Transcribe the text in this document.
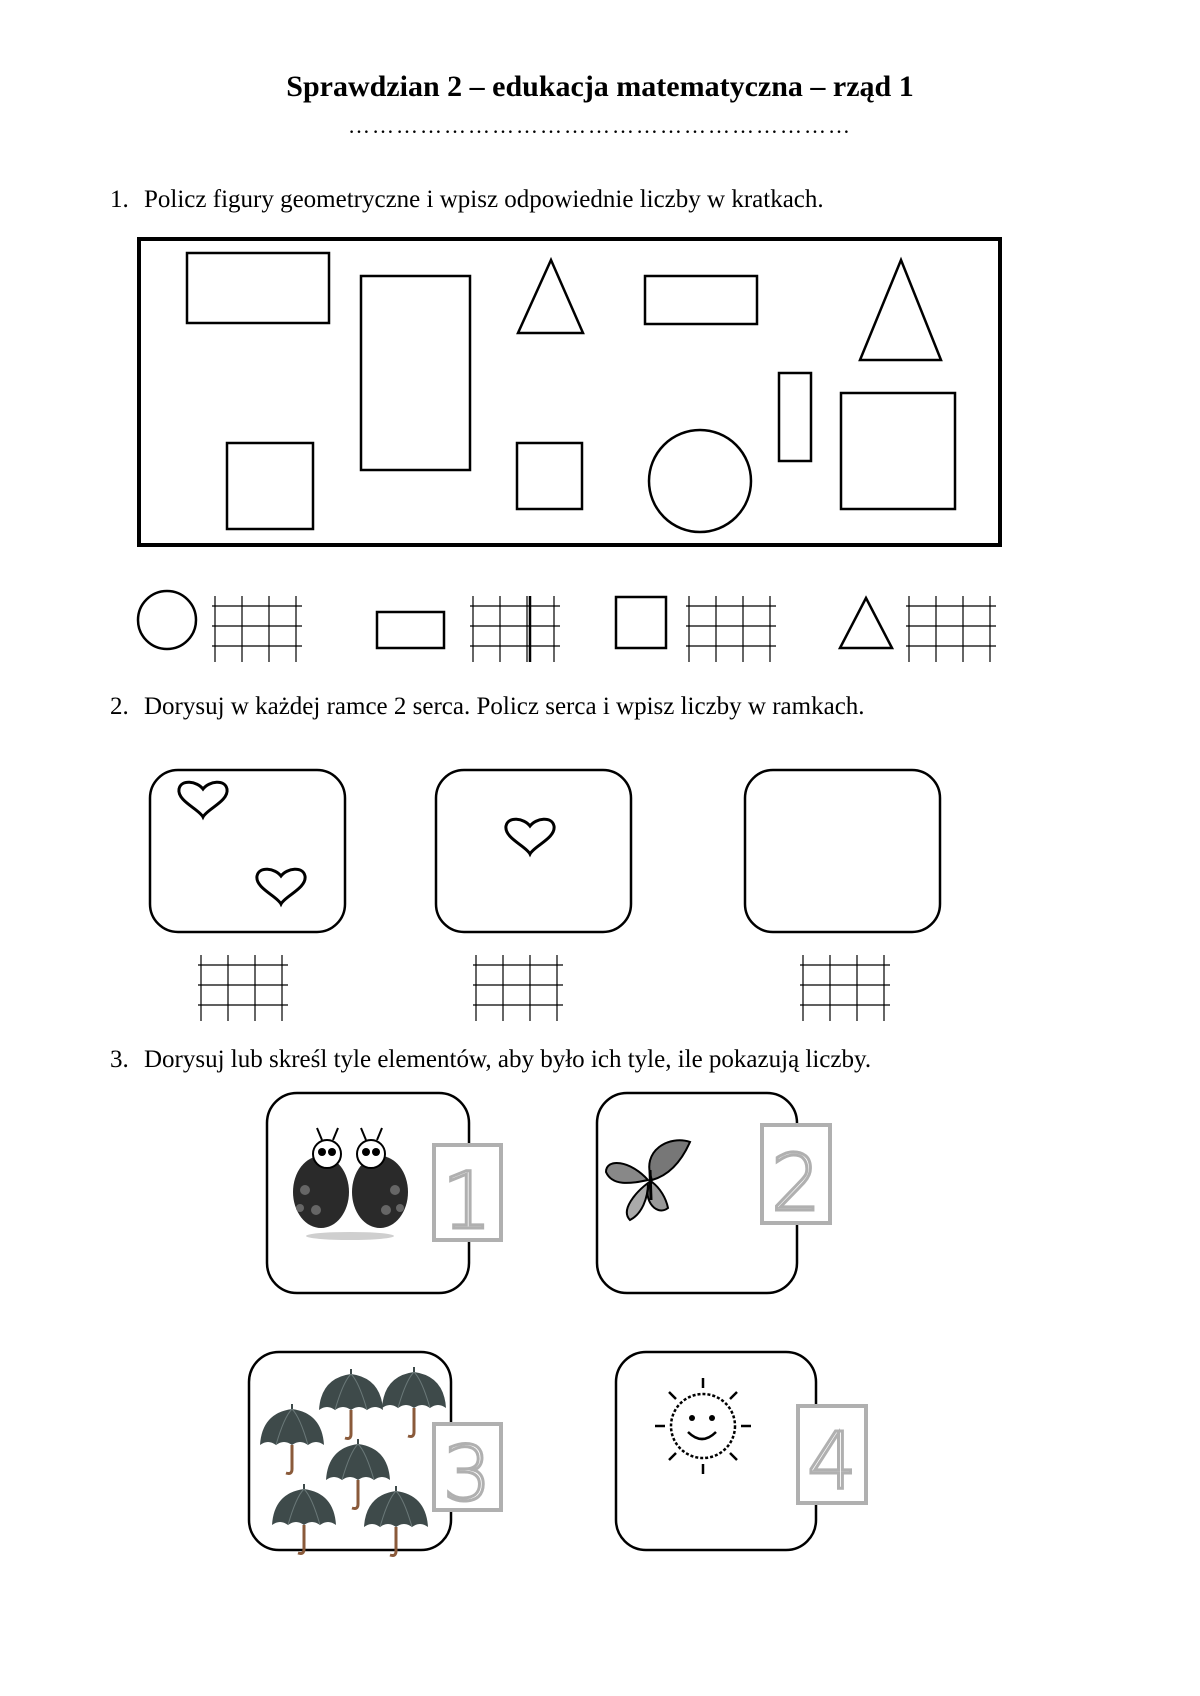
Sprawdzian 2 – edukacja matematyczna – rząd 1
………………………………………………………
1. Policz figury geometryczne i wpisz odpowiednie liczby w kratkach.
2. Dorysuj w każdej ramce 2 serca. Policz serca i wpisz liczby w ramkach.
3. Dorysuj lub skreśl tyle elementów, aby było ich tyle, ile pokazują liczby.
1	2
3	4
